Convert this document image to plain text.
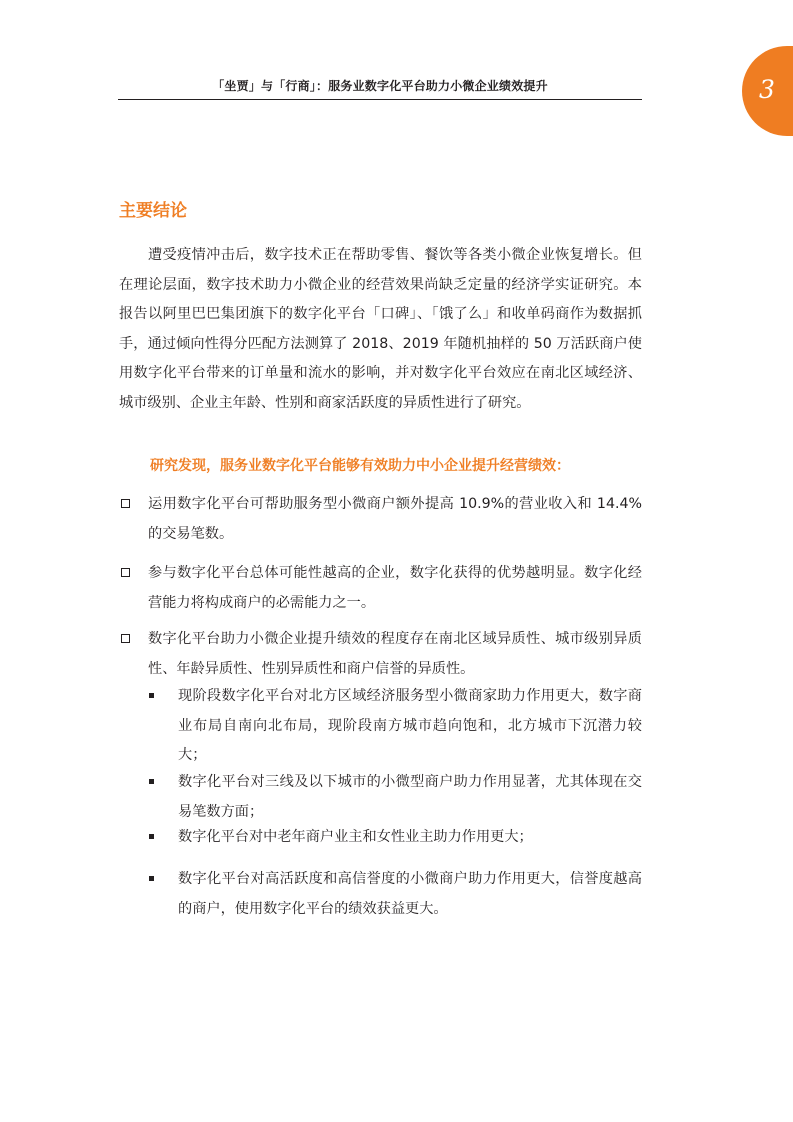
「坐贾」与「行商」：服务业数字化平台助力小微企业绩效提升	3
主要结论

遭受疫情冲击后，数字技术正在帮助零售、餐饮等各类小微企业恢复增长。但在理论层面，数字技术助力小微企业的经营效果尚缺乏定量的经济学实证研究。本报告以阿里巴巴集团旗下的数字化平台「口碑」、「饿了么」和收单码商作为数据抓手，通过倾向性得分匹配方法测算了 2018、2019 年随机抽样的 50 万活跃商户使用数字化平台带来的订单量和流水的影响，并对数字化平台效应在南北区域经济、城市级别、企业主年龄、性别和商家活跃度的异质性进行了研究。

研究发现，服务业数字化平台能够有效助力中小企业提升经营绩效：
运用数字化平台可帮助服务型小微商户额外提高 10.9%的营业收入和 14.4%的交易笔数。
参与数字化平台总体可能性越高的企业，数字化获得的优势越明显。数字化经营能力将构成商户的必需能力之一。
数字化平台助力小微企业提升绩效的程度存在南北区域异质性、城市级别异质性、年龄异质性、性别异质性和商户信誉的异质性。
现阶段数字化平台对北方区域经济服务型小微商家助力作用更大，数字商业布局自南向北布局，现阶段南方城市趋向饱和，北方城市下沉潜力较大；
数字化平台对三线及以下城市的小微型商户助力作用显著，尤其体现在交易笔数方面；
数字化平台对中老年商户业主和女性业主助力作用更大；
数字化平台对高活跃度和高信誉度的小微商户助力作用更大，信誉度越高的商户，使用数字化平台的绩效获益更大。
